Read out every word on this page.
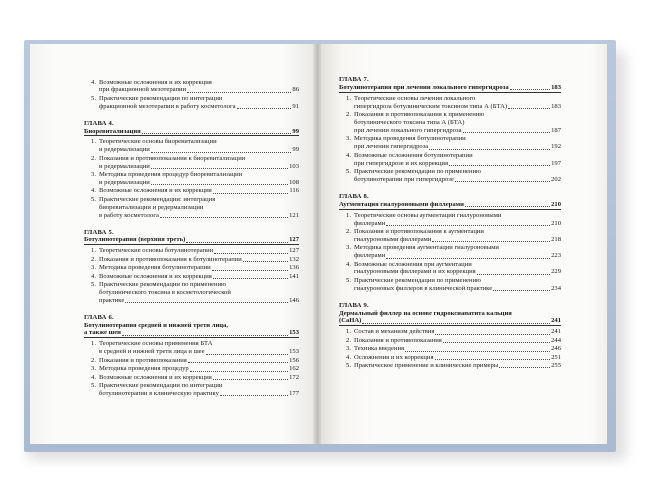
4. Возможные осложнения и их коррекция
при фракционной мезотерапии	86
5. Практические рекомендации по интеграции
фракционной мезотерапии в работу косметолога	91
ГЛАВА 4.
Биоревитализация	99
1. Теоретические основы биоревитализации
и редермализации	99
2. Показания и противопоказания к биоревитализации
и редермализации	103
3. Методика проведения процедур биоревитализации
и редермализации	108
4. Возможные осложнения и их коррекция	116
5. Практические рекомендации: интеграция
биоревитализации и редермализации
в работу косметолога	121
ГЛАВА 5.
Ботулинотерапия (верхняя треть)	127
1. Теоретические основы ботулинотерапии	127
2. Показания и противопоказания к ботулинотерапии	132
3. Методика проведения ботулинотерапии	136
4. Возможные осложнения и их коррекция	141
5. Практические рекомендации по применению
ботулинического токсина в косметологической
практике	146
ГЛАВА 6.
Ботулинотерапия средней и нижней трети лица,
а также шеи	153
1. Теоретические основы применения БТА
в средней и нижней трети лица и шее	153
2. Показания и противопоказания	156
3. Методика проведения процедур	162
4. Возможные осложнения и их коррекция	172
5. Практические рекомендации по интеграции
ботулинотерапии в клиническую практику	177
ГЛАВА 7.
Ботулинотерапия при лечении локального гипергидроза	183
1. Теоретические основы лечения локального
гипергидроза ботулиническим токсином типа А (БТА)	183
2. Показания и противопоказания к применению
ботулинического токсина типа А (БТА)
при лечении локального гипергидроза	187
3. Методика проведения ботулинотерапии
при лечении гипергидроза	192
4. Возможные осложнения ботулинотерапии
при гипергидрозе и их коррекция	197
5. Практические рекомендации по применению
ботулинотерапии при гипергидрозе	202
ГЛАВА 8.
Аугментация гиалуроновыми филлерами	210
1. Теоретические основы аугментации гиалуроновыми
филлерами	210
2. Показания и противопоказания к аугментации
гиалуроновыми филлерами	218
3. Методика проведения аугментации гиалуроновыми
филлерами	223
4. Возможные осложнения при аугментации
гиалуроновыми филлерами и их коррекция	229
5. Практические рекомендации по применению
гиалуроновых филлеров в клинической практике	234
ГЛАВА 9.
Дермальный филлер на основе гидроксиапатита кальция
(CaHA)	241
1. Состав и механизм действия	241
2. Показания и противопоказания	244
3. Техника введения	246
4. Осложнения и их коррекция	251
5. Практическое применение и клинические примеры	255
